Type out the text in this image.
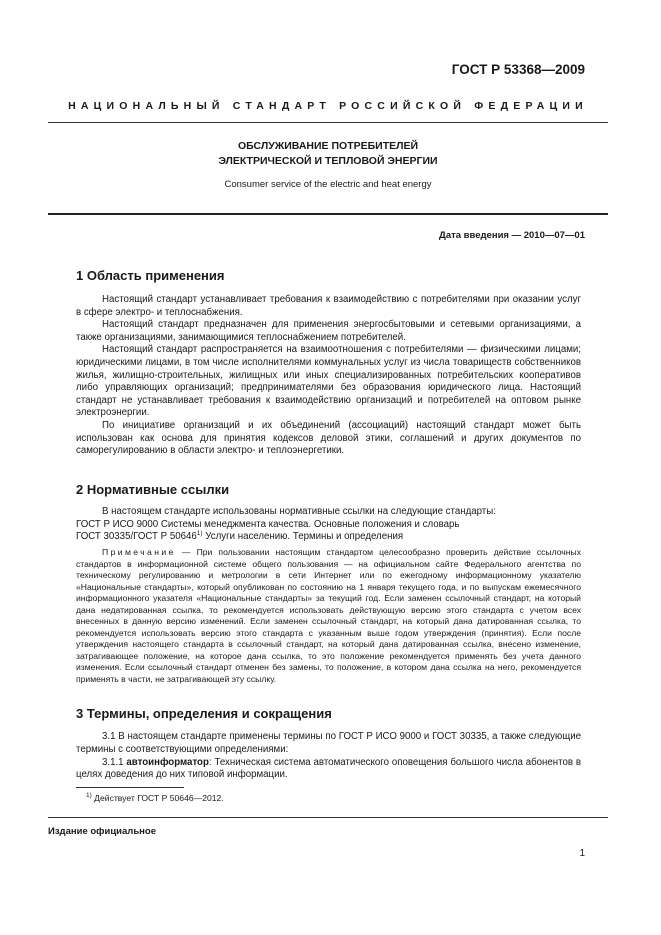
ГОСТ Р 53368—2009
НАЦИОНАЛЬНЫЙ СТАНДАРТ РОССИЙСКОЙ ФЕДЕРАЦИИ
ОБСЛУЖИВАНИЕ ПОТРЕБИТЕЛЕЙ
ЭЛЕКТРИЧЕСКОЙ И ТЕПЛОВОЙ ЭНЕРГИИ
Consumer service of the electric and heat energy
Дата введения — 2010—07—01
1 Область применения

Настоящий стандарт устанавливает требования к взаимодействию с потребителями при оказании услуг в сфере электро- и теплоснабжения.

Настоящий стандарт предназначен для применения энергосбытовыми и сетевыми организациями, а также организациями, занимающимися теплоснабжением потребителей.

Настоящий стандарт распространяется на взаимоотношения с потребителями — физическими лицами; юридическими лицами, в том числе исполнителями коммунальных услуг из числа товариществ собственников жилья, жилищно-строительных, жилищных или иных специализированных потребительских кооперативов либо управляющих организаций; предпринимателями без образования юридического лица. Настоящий стандарт не устанавливает требования к взаимодействию организаций и потребителей на оптовом рынке электроэнергии.

По инициативе организаций и их объединений (ассоциаций) настоящий стандарт может быть использован как основа для принятия кодексов деловой этики, соглашений и других документов по саморегулированию в области электро- и теплоэнергетики.

2 Нормативные ссылки

В настоящем стандарте использованы нормативные ссылки на следующие стандарты:

ГОСТ Р ИСО 9000 Системы менеджмента качества. Основные положения и словарь

ГОСТ 30335/ГОСТ Р 50646$^{1)}$ Услуги населению. Термины и определения

Примечание — При пользовании настоящим стандартом целесообразно проверить действие ссылочных стандартов в информационной системе общего пользования — на официальном сайте Федерального агентства по техническому регулированию и метрологии в сети Интернет или по ежегодному информационному указателю «Национальные стандарты», который опубликован по состоянию на 1 января текущего года, и по выпускам ежемесячного информационного указателя «Национальные стандарты» за текущий год. Если заменен ссылочный стандарт, на который дана недатированная ссылка, то рекомендуется использовать действующую версию этого стандарта с учетом всех внесенных в данную версию изменений. Если заменен ссылочный стандарт, на который дана датированная ссылка, то рекомендуется использовать версию этого стандарта с указанным выше годом утверждения (принятия). Если после утверждения настоящего стандарта в ссылочный стандарт, на который дана датированная ссылка, внесено изменение, затрагивающее положение, на которое дана ссылка, то это положение рекомендуется применять без учета данного изменения. Если ссылочный стандарт отменен без замены, то положение, в котором дана ссылка на него, рекомендуется применять в части, не затрагивающей эту ссылку.

3 Термины, определения и сокращения

3.1 В настоящем стандарте применены термины по ГОСТ Р ИСО 9000 и ГОСТ 30335, а также следующие термины с соответствующими определениями:

3.1.1 автоинформатор: Техническая система автоматического оповещения большого числа абонентов в целях доведения до них типовой информации.

$^{1)}$ Действует ГОСТ Р 50646—2012.
Издание официальное
1
